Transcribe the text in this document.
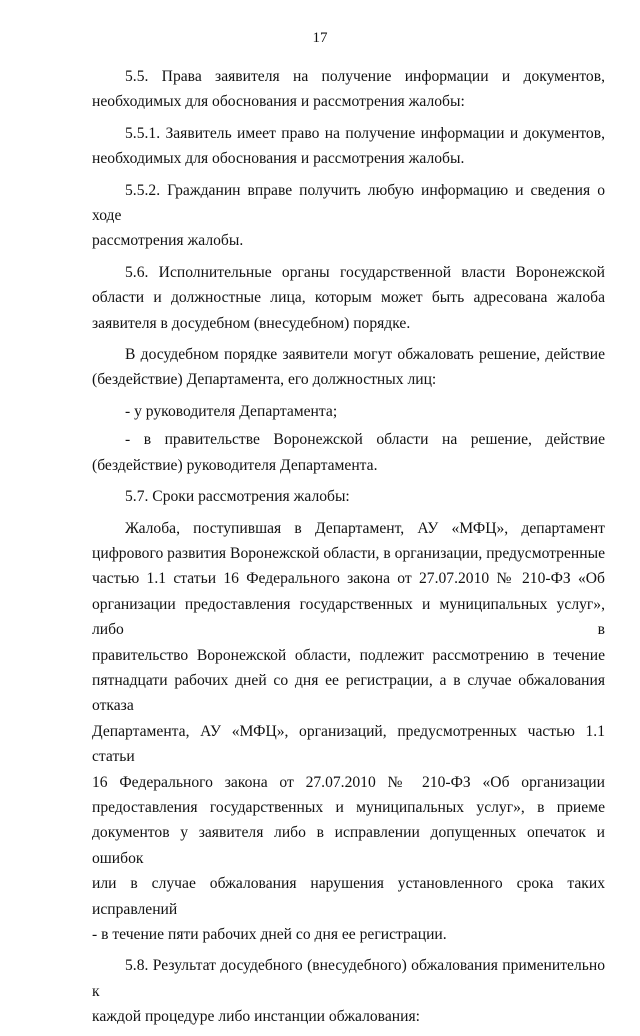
17

5.5. Права заявителя на получение информации и документов,
необходимых для обоснования и рассмотрения жалобы:

5.5.1. Заявитель имеет право на получение информации и документов,
необходимых для обоснования и рассмотрения жалобы.

5.5.2. Гражданин вправе получить любую информацию и сведения о ходе
рассмотрения жалобы.

5.6. Исполнительные органы государственной власти Воронежской
области и должностные лица, которым может быть адресована жалоба
заявителя в досудебном (внесудебном) порядке.

В досудебном порядке заявители могут обжаловать решение, действие
(бездействие) Департамента, его должностных лиц:

- у руководителя Департамента;

- в правительстве Воронежской области на решение, действие
(бездействие) руководителя Департамента.

5.7. Сроки рассмотрения жалобы:

Жалоба, поступившая в Департамент, АУ «МФЦ», департамент
цифрового развития Воронежской области, в организации, предусмотренные
частью 1.1 статьи 16 Федерального закона от 27.07.2010 № 210-ФЗ «Об
организации предоставления государственных и муниципальных услуг», либо в
правительство Воронежской области, подлежит рассмотрению в течение
пятнадцати рабочих дней со дня ее регистрации, а в случае обжалования отказа
Департамента, АУ «МФЦ», организаций, предусмотренных частью 1.1 статьи
16 Федерального закона от 27.07.2010 № 210-ФЗ «Об организации
предоставления государственных и муниципальных услуг», в приеме
документов у заявителя либо в исправлении допущенных опечаток и ошибок
или в случае обжалования нарушения установленного срока таких исправлений
- в течение пяти рабочих дней со дня ее регистрации.

5.8. Результат досудебного (внесудебного) обжалования применительно к
каждой процедуре либо инстанции обжалования:
